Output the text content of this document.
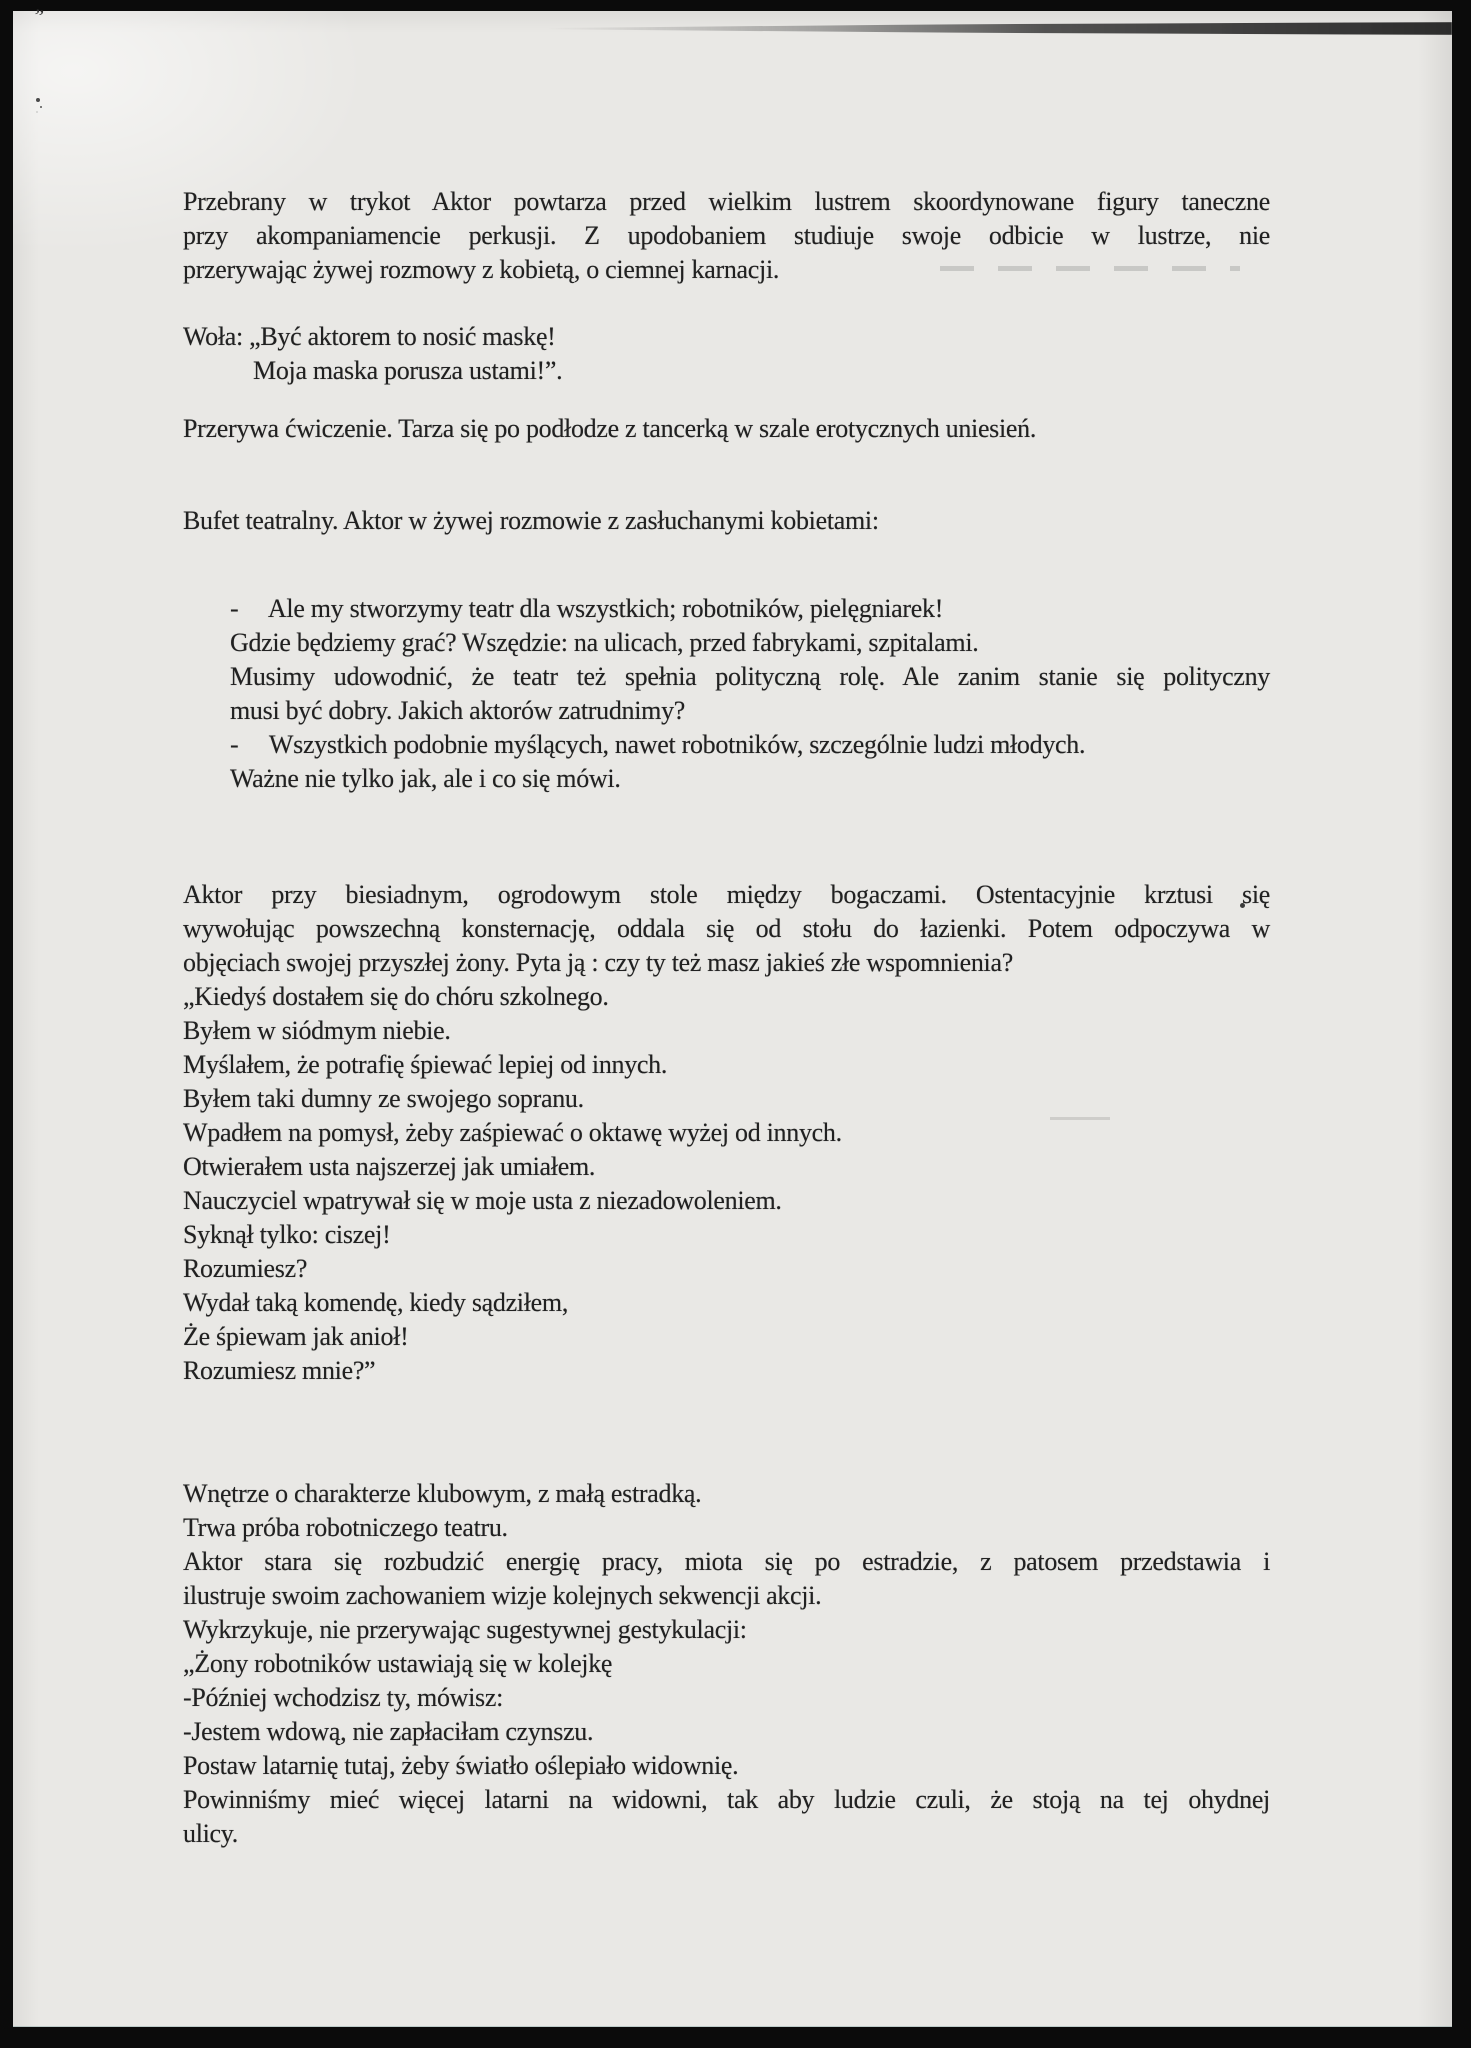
”
Przebrany w trykot Aktor powtarza przed wielkim lustrem skoordynowane figury taneczne
przy akompaniamencie perkusji. Z upodobaniem studiuje swoje odbicie w lustrze, nie
przerywając żywej rozmowy z kobietą, o ciemnej karnacji.
Woła: „Być aktorem to nosić maskę!
Moja maska porusza ustami!”.
Przerywa ćwiczenie. Tarza się po podłodze z tancerką w szale erotycznych uniesień.
Bufet teatralny. Aktor w żywej rozmowie z zasłuchanymi kobietami:
-     Ale my stworzymy teatr dla wszystkich; robotników, pielęgniarek!
Gdzie będziemy grać? Wszędzie: na ulicach, przed fabrykami, szpitalami.
Musimy udowodnić, że teatr też spełnia polityczną rolę. Ale zanim stanie się polityczny
musi być dobry. Jakich aktorów zatrudnimy?
-     Wszystkich podobnie myślących, nawet robotników, szczególnie ludzi młodych.
Ważne nie tylko jak, ale i co się mówi.
Aktor przy biesiadnym, ogrodowym stole między bogaczami. Ostentacyjnie krztusi się
wywołując powszechną konsternację, oddala się od stołu do łazienki. Potem odpoczywa w
objęciach swojej przyszłej żony. Pyta ją : czy ty też masz jakieś złe wspomnienia?
„Kiedyś dostałem się do chóru szkolnego.
Byłem w siódmym niebie.
Myślałem, że potrafię śpiewać lepiej od innych.
Byłem taki dumny ze swojego sopranu.
Wpadłem na pomysł, żeby zaśpiewać o oktawę wyżej od innych.
Otwierałem usta najszerzej jak umiałem.
Nauczyciel wpatrywał się w moje usta z niezadowoleniem.
Syknął tylko: ciszej!
Rozumiesz?
Wydał taką komendę, kiedy sądziłem,
Że śpiewam jak anioł!
Rozumiesz mnie?”
Wnętrze o charakterze klubowym, z małą estradką.
Trwa próba robotniczego teatru.
Aktor stara się rozbudzić energię pracy, miota się po estradzie, z patosem przedstawia i
ilustruje swoim zachowaniem wizje kolejnych sekwencji akcji.
Wykrzykuje, nie przerywając sugestywnej gestykulacji:
„Żony robotników ustawiają się w kolejkę
-Później wchodzisz ty, mówisz:
-Jestem wdową, nie zapłaciłam czynszu.
Postaw latarnię tutaj, żeby światło oślepiało widownię.
Powinniśmy mieć więcej latarni na widowni, tak aby ludzie czuli, że stoją na tej ohydnej
ulicy.
